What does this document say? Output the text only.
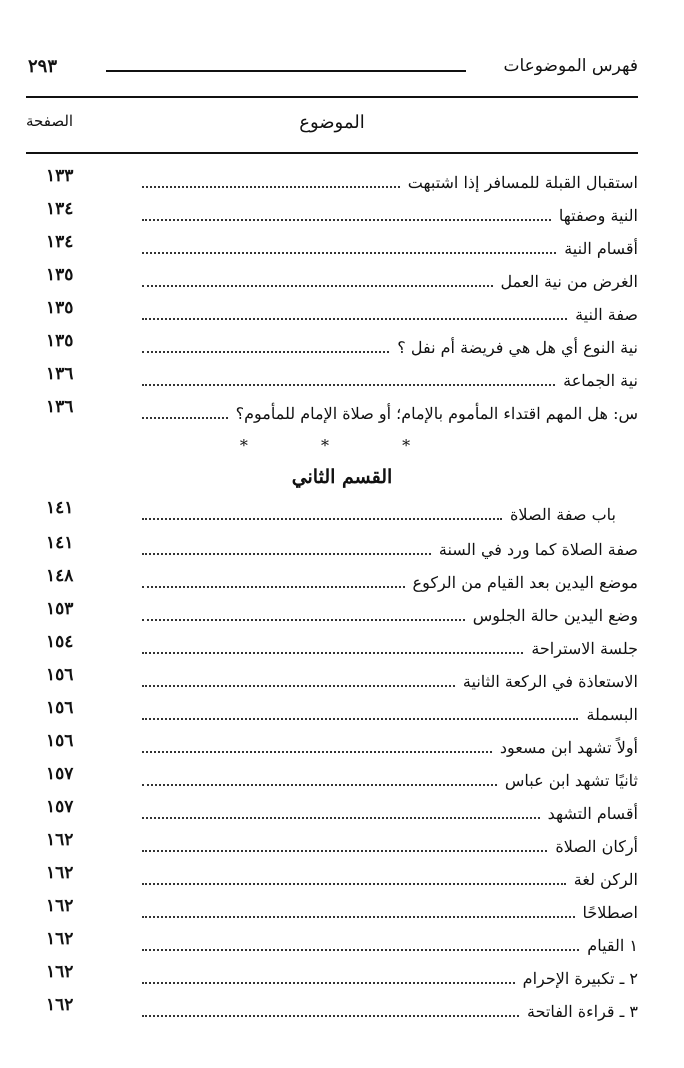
فهرس الموضوعات
٢٩٣
الموضوع
الصفحة
١٣٣	استقبال القبلة للمسافر إذا اشتبهت
١٣٤	النية وصفتها
١٣٤	أقسام النية
١٣٥	الغرض من نية العمل
١٣٥	صفة النية
١٣٥	نية النوع أي هل هي فريضة أم نفل ؟
١٣٦	نية الجماعة
١٣٦	س: هل المهم اقتداء المأموم بالإمام؛ أو صلاة الإمام للمأموم؟
* * *
القسم الثاني
١٤١	باب صفة الصلاة
١٤١	صفة الصلاة كما ورد في السنة
١٤٨	موضع اليدين بعد القيام من الركوع
١٥٣	وضع اليدين حالة الجلوس
١٥٤	جلسة الاستراحة
١٥٦	الاستعاذة في الركعة الثانية
١٥٦	البسملة
١٥٦	أولاً تشهد ابن مسعود
١٥٧	ثانيًا تشهد ابن عباس
١٥٧	أقسام التشهد
١٦٢	أركان الصلاة
١٦٢	الركن لغة
١٦٢	اصطلاحًا
١٦٢	١ القيام
١٦٢	٢ ـ تكبيرة الإحرام
١٦٢	٣ ـ قراءة الفاتحة
